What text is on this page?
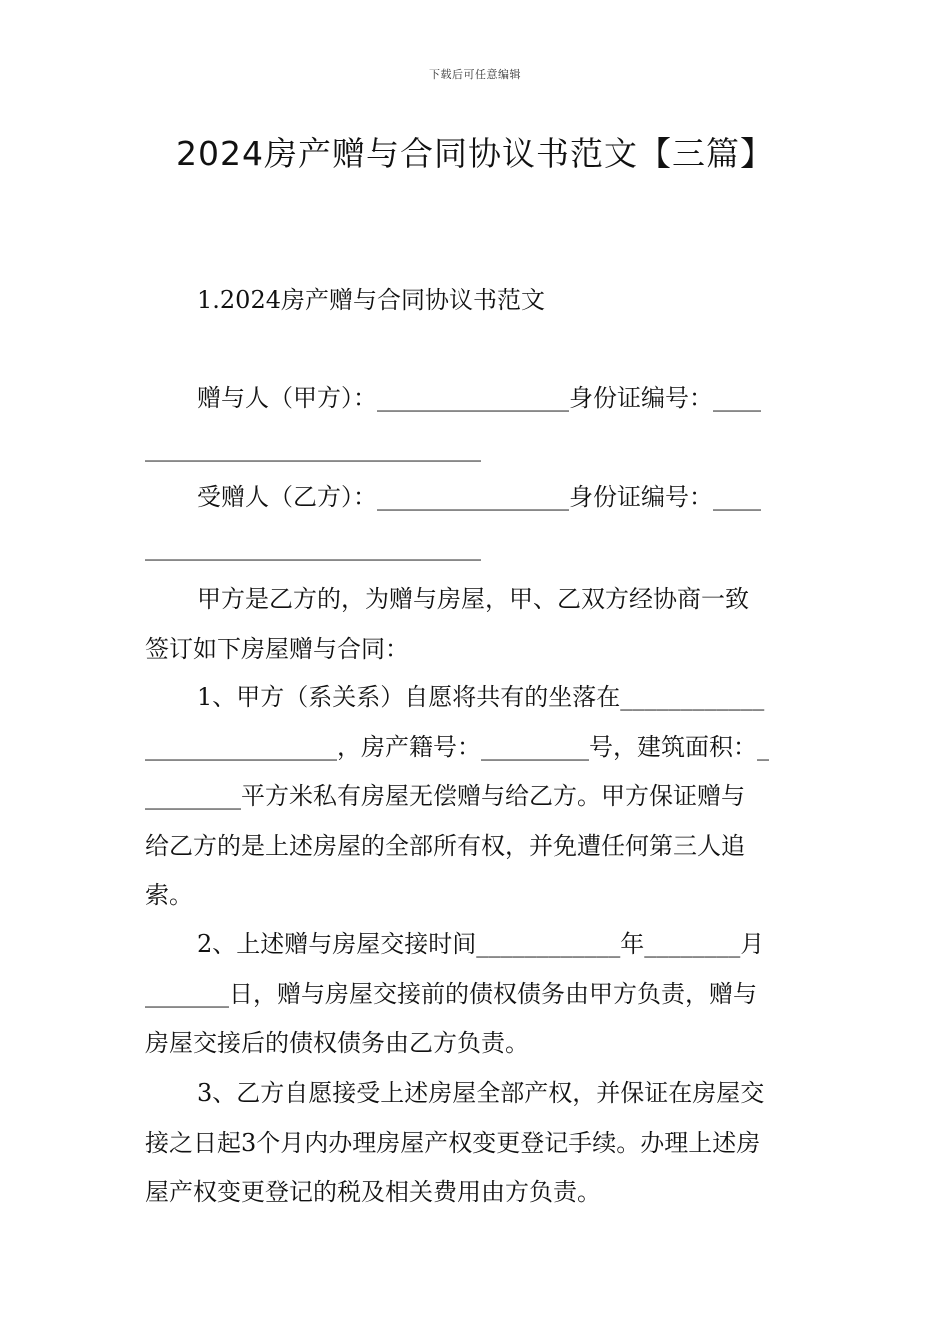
下载后可任意编辑
2024房产赠与合同协议书范文【三篇】
1.2024房产赠与合同协议书范文
赠与人（甲方）：________________身份证编号：____
____________________________
受赠人（乙方）：________________身份证编号：____
____________________________
甲方是乙方的，为赠与房屋，甲、乙双方经协商一致
签订如下房屋赠与合同：
1、甲方（系关系）自愿将共有的坐落在____________
________________，房产籍号：_________号，建筑面积：_
________平方米私有房屋无偿赠与给乙方。甲方保证赠与
给乙方的是上述房屋的全部所有权，并免遭任何第三人追
索。
2、上述赠与房屋交接时间____________年________月
_______日，赠与房屋交接前的债权债务由甲方负责，赠与
房屋交接后的债权债务由乙方负责。
3、乙方自愿接受上述房屋全部产权，并保证在房屋交
接之日起3个月内办理房屋产权变更登记手续。办理上述房
屋产权变更登记的税及相关费用由方负责。
